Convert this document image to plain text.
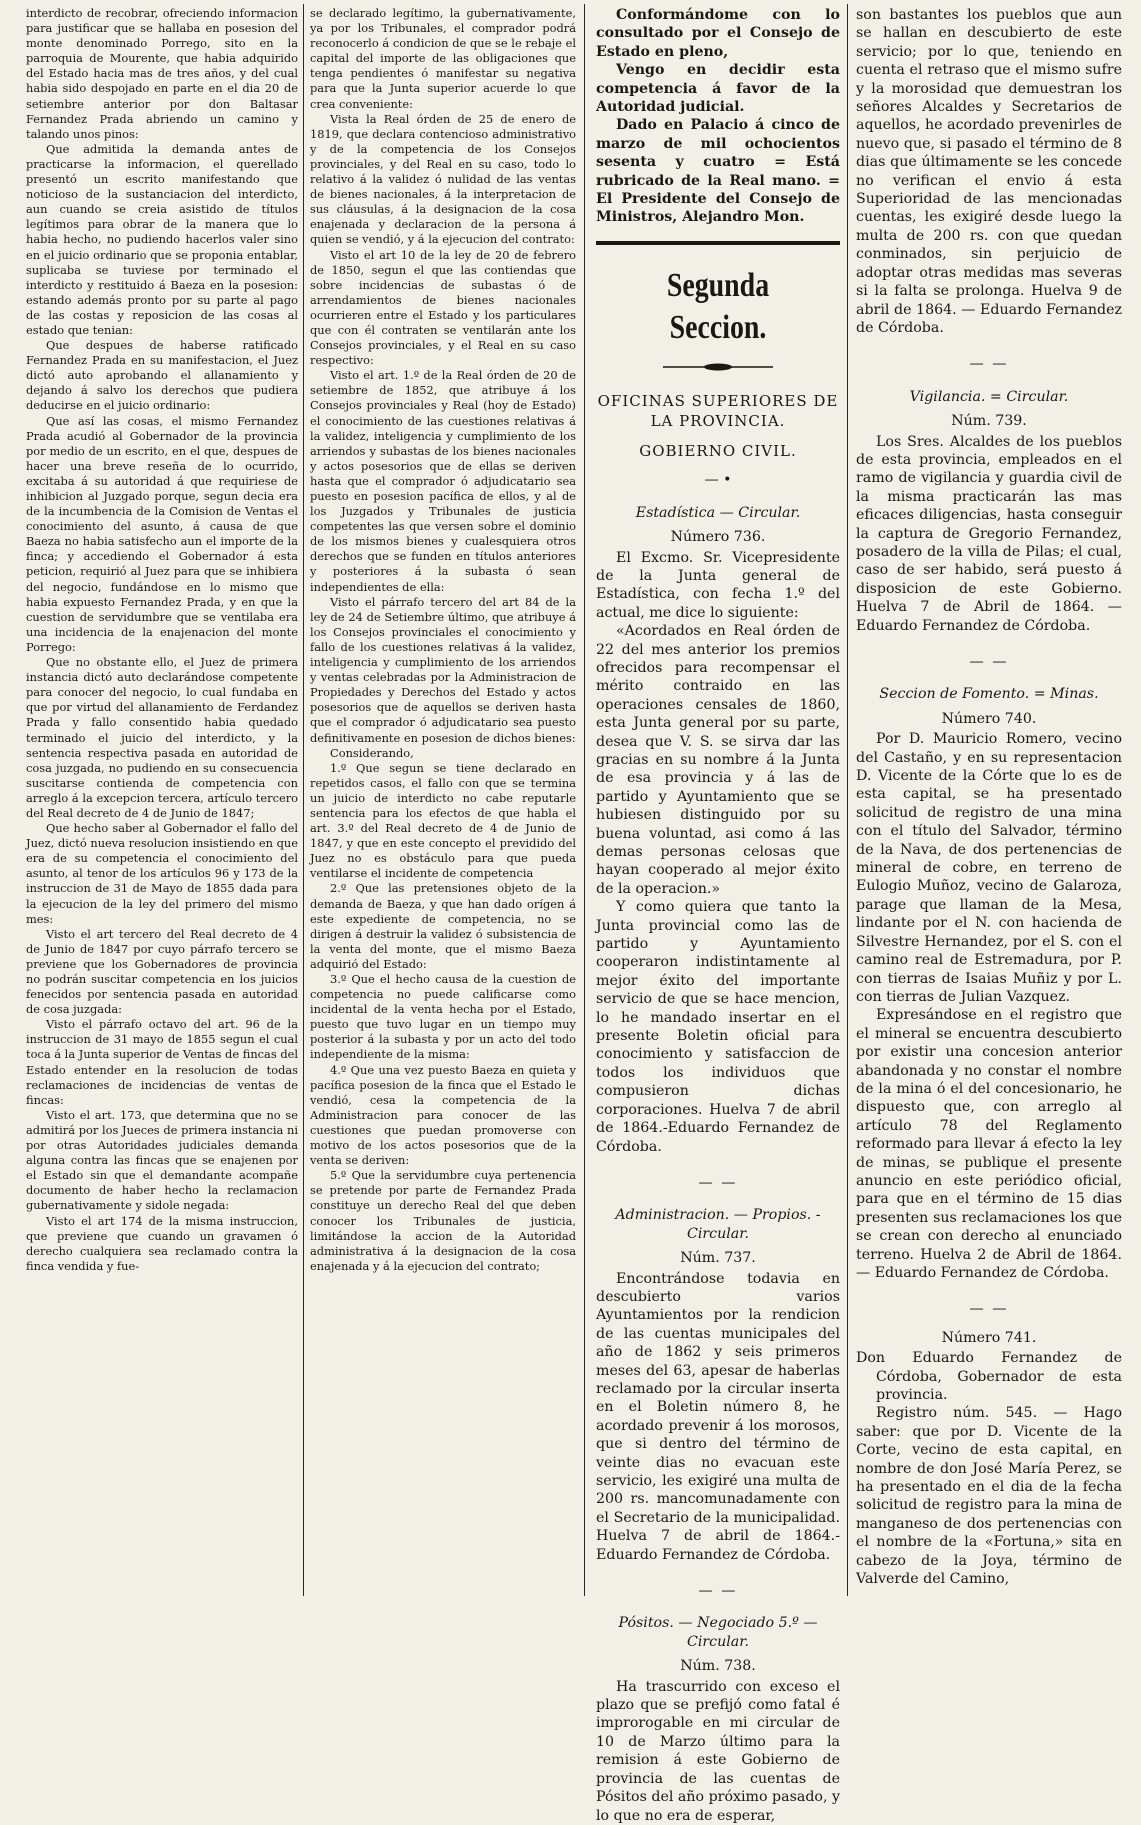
interdicto de recobrar, ofreciendo informacion para justificar que se hallaba en posesion del monte denominado Porrego, sito en la parroquia de Mourente, que habia adquirido del Estado hacia mas de tres años, y del cual habia sido despojado en parte en el dia 20 de setiembre anterior por don Baltasar Fernandez Prada abriendo un camino y talando unos pinos:

Que admitida la demanda antes de practicarse la informacion, el querellado presentó un escrito manifestando que noticioso de la sustanciacion del interdicto, aun cuando se creia asistido de títulos legítimos para obrar de la manera que lo habia hecho, no pudiendo hacerlos valer sino en el juicio ordinario que se proponia entablar, suplicaba se tuviese por terminado el interdicto y restituido á Baeza en la posesion: estando además pronto por su parte al pago de las costas y reposicion de las cosas al estado que tenian:

Que despues de haberse ratificado Fernandez Prada en su manifestacion, el Juez dictó auto aprobando el allanamiento y dejando á salvo los derechos que pudiera deducirse en el juicio ordinario:

Que así las cosas, el mismo Fernandez Prada acudió al Gobernador de la provincia por medio de un escrito, en el que, despues de hacer una breve reseña de lo ocurrido, excitaba á su autoridad á que requiriese de inhibicion al Juzgado porque, segun decia era de la incumbencia de la Comision de Ventas el conocimiento del asunto, á causa de que Baeza no habia satisfecho aun el importe de la finca; y accediendo el Gobernador á esta peticion, requirió al Juez para que se inhibiera del negocio, fundándose en lo mismo que habia expuesto Fernandez Prada, y en que la cuestion de servidumbre que se ventilaba era una incidencia de la enajenacion del monte Porrego:

Que no obstante ello, el Juez de primera instancia dictó auto declarándose competente para conocer del negocio, lo cual fundaba en que por virtud del allanamiento de Ferdandez Prada y fallo consentido habia quedado terminado el juicio del interdicto, y la sentencia respectiva pasada en autoridad de cosa juzgada, no pudiendo en su consecuencia suscitarse contienda de competencia con arreglo á la excepcion tercera, artículo tercero del Real decreto de 4 de Junio de 1847;

Que hecho saber al Gobernador el fallo del Juez, dictó nueva resolucion insistiendo en que era de su competencia el conocimiento del asunto, al tenor de los artículos 96 y 173 de la instruccion de 31 de Mayo de 1855 dada para la ejecucion de la ley del primero del mismo mes:

Visto el art tercero del Real decreto de 4 de Junio de 1847 por cuyo párrafo tercero se previene que los Gobernadores de provincia no podrán suscitar competencia en los juicios fenecidos por sentencia pasada en autoridad de cosa juzgada:

Visto el párrafo octavo del art. 96 de la instruccion de 31 mayo de 1855 segun el cual toca á la Junta superior de Ventas de fincas del Estado entender en la resolucion de todas reclamaciones de incidencias de ventas de fincas:

Visto el art. 173, que determina que no se admitirá por los Jueces de primera instancia ni por otras Autoridades judiciales demanda alguna contra las fincas que se enajenen por el Estado sin que el demandante acompañe documento de haber hecho la reclamacion gubernativamente y sidole negada:

Visto el art 174 de la misma instruccion, que previene que cuando un gravamen ó derecho cualquiera sea reclamado contra la finca vendida y fue-

se declarado legítimo, la gubernativamente, ya por los Tribunales, el comprador podrá reconocerlo á condicion de que se le rebaje el capital del importe de las obligaciones que tenga pendientes ó manifestar su negativa para que la Junta superior acuerde lo que crea conveniente:

Vista la Real órden de 25 de enero de 1819, que declara contencioso administrativo y de la competencia de los Consejos provinciales, y del Real en su caso, todo lo relativo á la validez ó nulidad de las ventas de bienes nacionales, á la interpretacion de sus cláusulas, á la designacion de la cosa enajenada y declaracion de la persona á quien se vendió, y á la ejecucion del contrato:

Visto el art 10 de la ley de 20 de febrero de 1850, segun el que las contiendas que sobre incidencias de subastas ó de arrendamientos de bienes nacionales ocurrieren entre el Estado y los particulares que con él contraten se ventilarán ante los Consejos provinciales, y el Real en su caso respectivo:

Visto el art. 1.º de la Real órden de 20 de setiembre de 1852, que atribuye á los Consejos provinciales y Real (hoy de Estado) el conocimiento de las cuestiones relativas á la validez, inteligencia y cumplimiento de los arriendos y subastas de los bienes nacionales y actos posesorios que de ellas se deriven hasta que el comprador ó adjudicatario sea puesto en posesion pacífica de ellos, y al de los Juzgados y Tribunales de justicia competentes las que versen sobre el dominio de los mismos bienes y cualesquiera otros derechos que se funden en títulos anteriores y posteriores á la subasta ó sean independientes de ella:

Visto el párrafo tercero del art 84 de la ley de 24 de Setiembre último, que atribuye á los Consejos provinciales el conocimiento y fallo de los cuestiones relativas á la validez, inteligencia y cumplimiento de los arriendos y ventas celebradas por la Administracion de Propiedades y Derechos del Estado y actos posesorios que de aquellos se deriven hasta que el comprador ó adjudicatario sea puesto definitivamente en posesion de dichos bienes:

Considerando,

1.º Que segun se tiene declarado en repetidos casos, el fallo con que se termina un juicio de interdicto no cabe reputarle sentencia para los efectos de que habla el art. 3.º del Real decreto de 4 de Junio de 1847, y que en este concepto el previdido del Juez no es obstáculo para que pueda ventilarse el incidente de competencia

2.º Que las pretensiones objeto de la demanda de Baeza, y que han dado orígen á este expediente de competencia, no se dirigen á destruir la validez ó subsistencia de la venta del monte, que el mismo Baeza adquirió del Estado:

3.º Que el hecho causa de la cuestion de competencia no puede calificarse como incidental de la venta hecha por el Estado, puesto que tuvo lugar en un tiempo muy posterior á la subasta y por un acto del todo independiente de la misma:

4.º Que una vez puesto Baeza en quieta y pacífica posesion de la finca que el Estado le vendió, cesa la competencia de la Administracion para conocer de las cuestiones que puedan promoverse con motivo de los actos posesorios que de la venta se deriven:

5.º Que la servidumbre cuya pertenencia se pretende por parte de Fernandez Prada constituye un derecho Real del que deben conocer los Tribunales de justicia, limitándose la accion de la Autoridad administrativa á la designacion de la cosa enajenada y á la ejecucion del contrato;

Conformándome con lo consultado por el Consejo de Estado en pleno,

Vengo en decidir esta competencia á favor de la Autoridad judicial.

Dado en Palacio á cinco de marzo de mil ochocientos sesenta y cuatro = Está rubricado de la Real mano. = El Presidente del Consejo de Ministros, Alejandro Mon.

Segunda Seccion.
OFICINAS SUPERIORES DE LA PROVINCIA.
GOBIERNO CIVIL.
— •
Estadística — Circular.
Número 736.

El Excmo. Sr. Vicepresidente de la Junta general de Estadística, con fecha 1.º del actual, me dice lo siguiente:

«Acordados en Real órden de 22 del mes anterior los premios ofrecidos para recompensar el mérito contraido en las operaciones censales de 1860, esta Junta general por su parte, desea que V. S. se sirva dar las gracias en su nombre á la Junta de esa provincia y á las de partido y Ayuntamiento que se hubiesen distinguido por su buena voluntad, asi como á las demas personas celosas que hayan cooperado al mejor éxito de la operacion.»

Y como quiera que tanto la Junta provincial como las de partido y Ayuntamiento cooperaron indistintamente al mejor éxito del importante servicio de que se hace mencion, lo he mandado insertar en el presente Boletin oficial para conocimiento y satisfaccion de todos los individuos que compusieron dichas corporaciones. Huelva 7 de abril de 1864.-Eduardo Fernandez de Córdoba.

— —
Administracion. — Propios. - Circular.
Núm. 737.

Encontrándose todavia en descubierto varios Ayuntamientos por la rendicion de las cuentas municipales del año de 1862 y seis primeros meses del 63, apesar de haberlas reclamado por la circular inserta en el Boletin número 8, he acordado prevenir á los morosos, que si dentro del término de veinte dias no evacuan este servicio, les exigiré una multa de 200 rs. mancomunadamente con el Secretario de la municipalidad. Huelva 7 de abril de 1864.-Eduardo Fernandez de Córdoba.

— —
Pósitos. — Negociado 5.º — Circular.
Núm. 738.

Ha trascurrido con exceso el plazo que se prefijó como fatal é improrogable en mi circular de 10 de Marzo último para la remision á este Gobierno de provincia de las cuentas de Pósitos del año próximo pasado, y lo que no era de esperar,

son bastantes los pueblos que aun se hallan en descubierto de este servicio; por lo que, teniendo en cuenta el retraso que el mismo sufre y la morosidad que demuestran los señores Alcaldes y Secretarios de aquellos, he acordado prevenirles de nuevo que, si pasado el término de 8 dias que últimamente se les concede no verifican el envio á esta Superioridad de las mencionadas cuentas, les exigiré desde luego la multa de 200 rs. con que quedan conminados, sin perjuicio de adoptar otras medidas mas severas si la falta se prolonga. Huelva 9 de abril de 1864. — Eduardo Fernandez de Córdoba.

— —
Vigilancia. = Circular.
Núm. 739.

Los Sres. Alcaldes de los pueblos de esta provincia, empleados en el ramo de vigilancia y guardia civil de la misma practicarán las mas eficaces diligencias, hasta conseguir la captura de Gregorio Fernandez, posadero de la villa de Pilas; el cual, caso de ser habido, será puesto á disposicion de este Gobierno. Huelva 7 de Abril de 1864. — Eduardo Fernandez de Córdoba.

— —
Seccion de Fomento. = Minas.
Número 740.

Por D. Mauricio Romero, vecino del Castaño, y en su representacion D. Vicente de la Córte que lo es de esta capital, se ha presentado solicitud de registro de una mina con el título del Salvador, término de la Nava, de dos pertenencias de mineral de cobre, en terreno de Eulogio Muñoz, vecino de Galaroza, parage que llaman de la Mesa, lindante por el N. con hacienda de Silvestre Hernandez, por el S. con el camino real de Estremadura, por P. con tierras de Isaias Muñiz y por L. con tierras de Julian Vazquez.

Expresándose en el registro que el mineral se encuentra descubierto por existir una concesion anterior abandonada y no constar el nombre de la mina ó el del concesionario, he dispuesto que, con arreglo al artículo 78 del Reglamento reformado para llevar á efecto la ley de minas, se publique el presente anuncio en este periódico oficial, para que en el término de 15 dias presenten sus reclamaciones los que se crean con derecho al enunciado terreno. Huelva 2 de Abril de 1864. — Eduardo Fernandez de Córdoba.

— —
Número 741.

Don Eduardo Fernandez de Córdoba, Gobernador de esta provincia.

Registro núm. 545. — Hago saber: que por D. Vicente de la Corte, vecino de esta capital, en nombre de don José María Perez, se ha presentado en el dia de la fecha solicitud de registro para la mina de manganeso de dos pertenencias con el nombre de la «Fortuna,» sita en cabezo de la Joya, término de Valverde del Camino,
